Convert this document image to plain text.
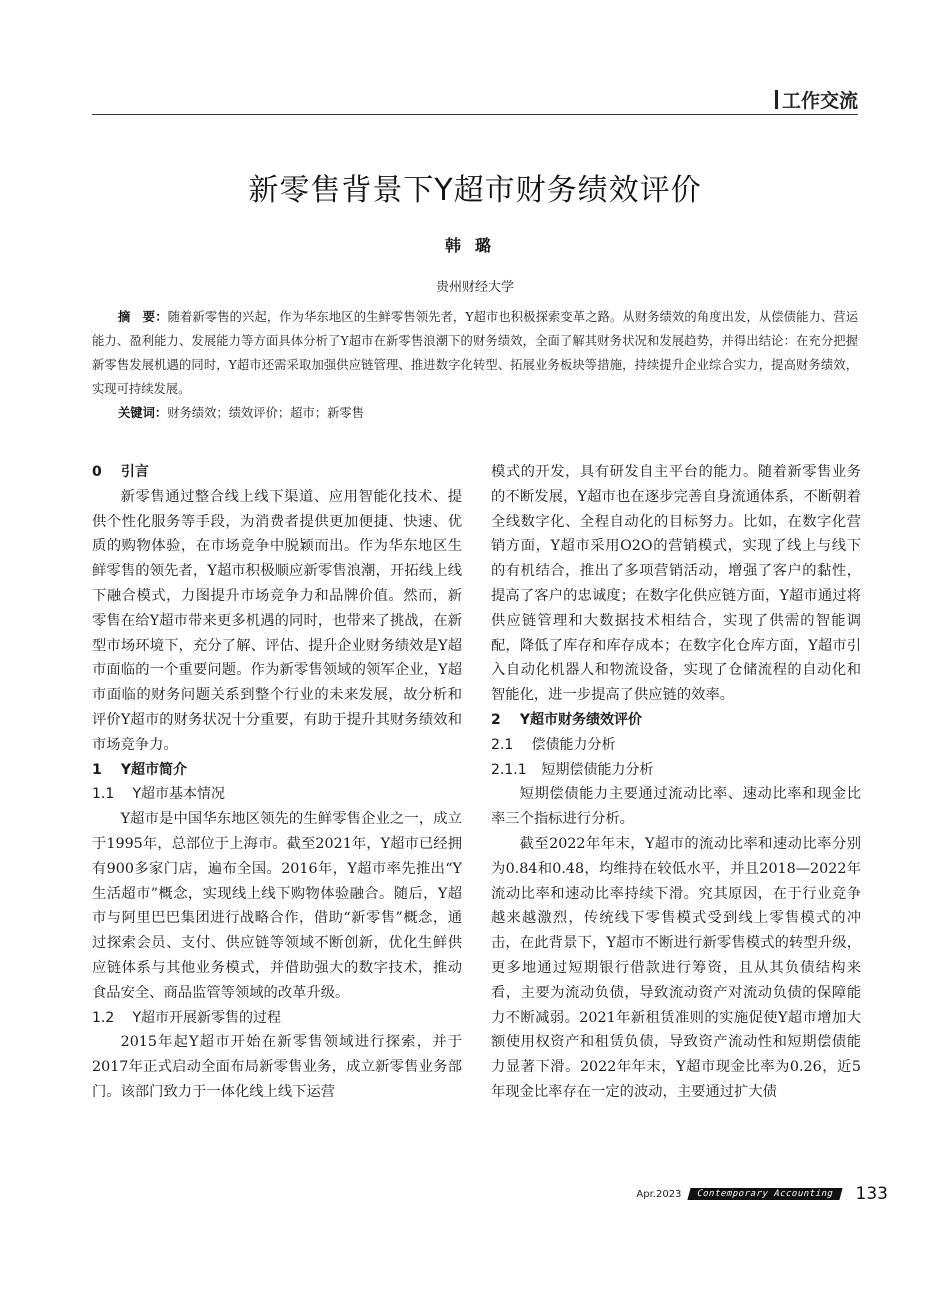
工作交流
新零售背景下Y超市财务绩效评价
韩璐
贵州财经大学
摘　要：随着新零售的兴起，作为华东地区的生鲜零售领先者，Y超市也积极探索变革之路。从财务绩效的角度出发，从偿债能力、营运能力、盈利能力、发展能力等方面具体分析了Y超市在新零售浪潮下的财务绩效，全面了解其财务状况和发展趋势，并得出结论：在充分把握新零售发展机遇的同时，Y超市还需采取加强供应链管理、推进数字化转型、拓展业务板块等措施，持续提升企业综合实力，提高财务绩效，实现可持续发展。
关键词：财务绩效；绩效评价；超市；新零售
0 引言

新零售通过整合线上线下渠道、应用智能化技术、提供个性化服务等手段，为消费者提供更加便捷、快速、优质的购物体验，在市场竞争中脱颖而出。作为华东地区生鲜零售的领先者，Y超市积极顺应新零售浪潮，开拓线上线下融合模式，力图提升市场竞争力和品牌价值。然而，新零售在给Y超市带来更多机遇的同时，也带来了挑战，在新型市场环境下，充分了解、评估、提升企业财务绩效是Y超市面临的一个重要问题。作为新零售领域的领军企业，Y超市面临的财务问题关系到整个行业的未来发展，故分析和评价Y超市的财务状况十分重要，有助于提升其财务绩效和市场竞争力。

1 Y超市简介
1.1 Y超市基本情况

Y超市是中国华东地区领先的生鲜零售企业之一，成立于1995年，总部位于上海市。截至2021年，Y超市已经拥有900多家门店，遍布全国。2016年，Y超市率先推出“Y生活超市”概念，实现线上线下购物体验融合。随后，Y超市与阿里巴巴集团进行战略合作，借助“新零售”概念，通过探索会员、支付、供应链等领域不断创新，优化生鲜供应链体系与其他业务模式，并借助强大的数字技术，推动食品安全、商品监管等领域的改革升级。

1.2 Y超市开展新零售的过程

2015年起Y超市开始在新零售领域进行探索，并于2017年正式启动全面布局新零售业务，成立新零售业务部门。该部门致力于一体化线上线下运营

模式的开发，具有研发自主平台的能力。随着新零售业务的不断发展，Y超市也在逐步完善自身流通体系，不断朝着全线数字化、全程自动化的目标努力。比如，在数字化营销方面，Y超市采用O2O的营销模式，实现了线上与线下的有机结合，推出了多项营销活动，增强了客户的黏性，提高了客户的忠诚度；在数字化供应链方面，Y超市通过将供应链管理和大数据技术相结合，实现了供需的智能调配，降低了库存和库存成本；在数字化仓库方面，Y超市引入自动化机器人和物流设备，实现了仓储流程的自动化和智能化，进一步提高了供应链的效率。

2 Y超市财务绩效评价
2.1 偿债能力分析
2.1.1 短期偿债能力分析

短期偿债能力主要通过流动比率、速动比率和现金比率三个指标进行分析。

截至2022年年末，Y超市的流动比率和速动比率分别为0.84和0.48，均维持在较低水平，并且2018—2022年流动比率和速动比率持续下滑。究其原因，在于行业竞争越来越激烈，传统线下零售模式受到线上零售模式的冲击，在此背景下，Y超市不断进行新零售模式的转型升级，更多地通过短期银行借款进行筹资，且从其负债结构来看，主要为流动负债，导致流动资产对流动负债的保障能力不断减弱。2021年新租赁准则的实施促使Y超市增加大额使用权资产和租赁负债，导致资产流动性和短期偿债能力显著下滑。2022年年末，Y超市现金比率为0.26，近5年现金比率存在一定的波动，主要通过扩大债

Apr.2023	Contemporary Accounting	133
